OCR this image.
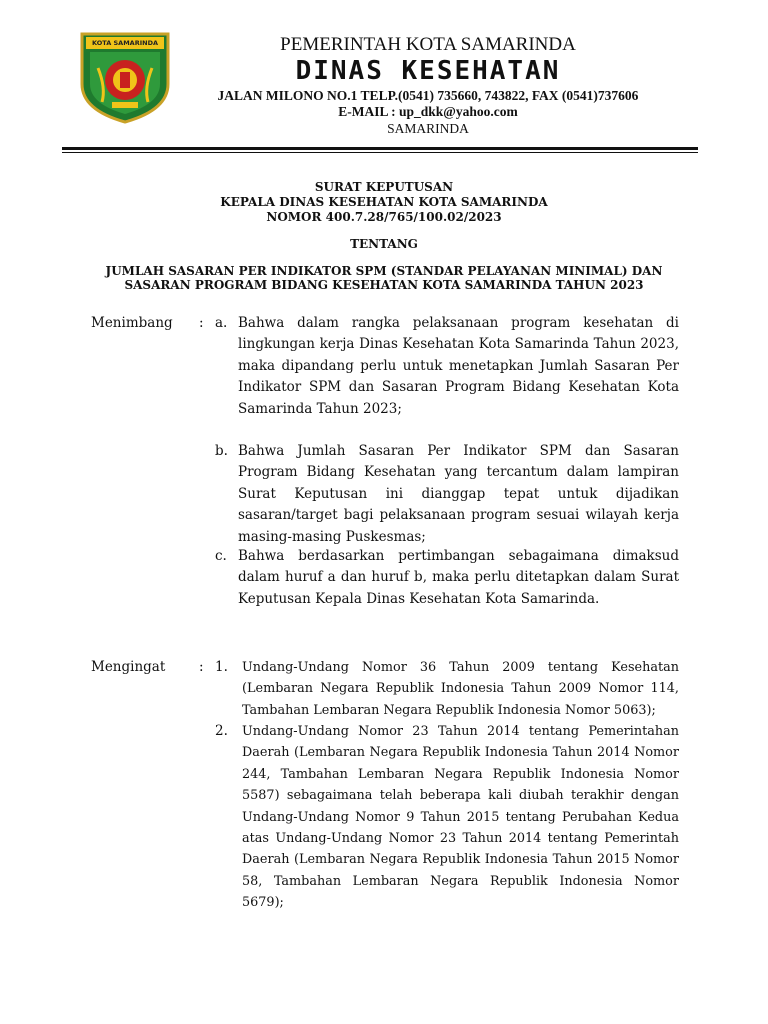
KOTA SAMARINDA	PEMERINTAH KOTA SAMARINDA
DINAS KESEHATAN
JALAN MILONO NO.1 TELP.(0541) 735660, 743822, FAX (0541)737606
E-MAIL : up_dkk@yahoo.com
SAMARINDA
SURAT KEPUTUSAN
KEPALA DINAS KESEHATAN KOTA SAMARINDA
NOMOR 400.7.28/765/100.02/2023
TENTANG
JUMLAH SASARAN PER INDIKATOR SPM (STANDAR PELAYANAN MINIMAL) DAN
SASARAN PROGRAM BIDANG KESEHATAN KOTA SAMARINDA TAHUN 2023
Menimbang : a. Bahwa dalam rangka pelaksanaan program kesehatan di lingkungan kerja Dinas Kesehatan Kota Samarinda Tahun 2023, maka dipandang perlu untuk menetapkan Jumlah Sasaran Per Indikator SPM dan Sasaran Program Bidang Kesehatan Kota Samarinda Tahun 2023;
b. Bahwa Jumlah Sasaran Per Indikator SPM dan Sasaran Program Bidang Kesehatan yang tercantum dalam lampiran Surat Keputusan ini dianggap tepat untuk dijadikan sasaran/target bagi pelaksanaan program sesuai wilayah kerja masing-masing Puskesmas;
c. Bahwa berdasarkan pertimbangan sebagaimana dimaksud dalam huruf a dan huruf b, maka perlu ditetapkan dalam Surat Keputusan Kepala Dinas Kesehatan Kota Samarinda.
Mengingat : 1. Undang-Undang Nomor 36 Tahun 2009 tentang Kesehatan (Lembaran Negara Republik Indonesia Tahun 2009 Nomor 114, Tambahan Lembaran Negara Republik Indonesia Nomor 5063);
2. Undang-Undang Nomor 23 Tahun 2014 tentang Pemerintahan Daerah (Lembaran Negara Republik Indonesia Tahun 2014 Nomor 244, Tambahan Lembaran Negara Republik Indonesia Nomor 5587) sebagaimana telah beberapa kali diubah terakhir dengan Undang-Undang Nomor 9 Tahun 2015 tentang Perubahan Kedua atas Undang-Undang Nomor 23 Tahun 2014 tentang Pemerintah Daerah (Lembaran Negara Republik Indonesia Tahun 2015 Nomor 58, Tambahan Lembaran Negara Republik Indonesia Nomor 5679);
